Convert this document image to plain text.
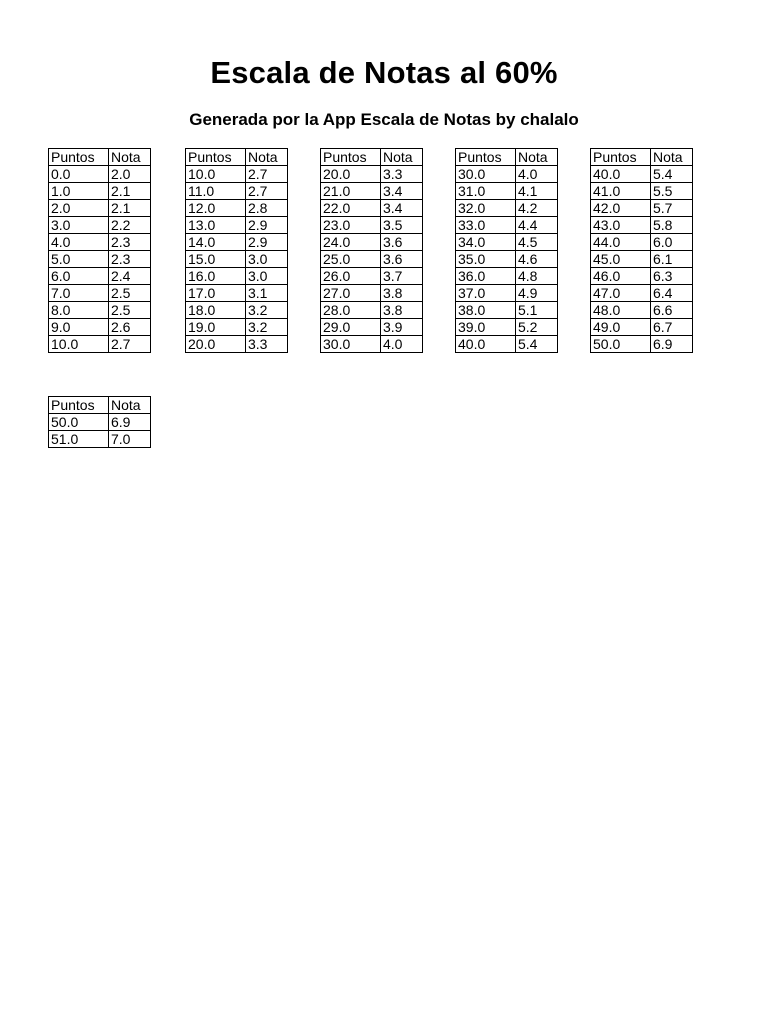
Escala de Notas al 60%
Generada por la App Escala de Notas by chalalo
Puntos	Nota
0.0	2.0
1.0	2.1
2.0	2.1
3.0	2.2
4.0	2.3
5.0	2.3
6.0	2.4
7.0	2.5
8.0	2.5
9.0	2.6
10.0	2.7
Puntos	Nota
10.0	2.7
11.0	2.7
12.0	2.8
13.0	2.9
14.0	2.9
15.0	3.0
16.0	3.0
17.0	3.1
18.0	3.2
19.0	3.2
20.0	3.3
Puntos	Nota
20.0	3.3
21.0	3.4
22.0	3.4
23.0	3.5
24.0	3.6
25.0	3.6
26.0	3.7
27.0	3.8
28.0	3.8
29.0	3.9
30.0	4.0
Puntos	Nota
30.0	4.0
31.0	4.1
32.0	4.2
33.0	4.4
34.0	4.5
35.0	4.6
36.0	4.8
37.0	4.9
38.0	5.1
39.0	5.2
40.0	5.4
Puntos	Nota
40.0	5.4
41.0	5.5
42.0	5.7
43.0	5.8
44.0	6.0
45.0	6.1
46.0	6.3
47.0	6.4
48.0	6.6
49.0	6.7
50.0	6.9
Puntos	Nota
50.0	6.9
51.0	7.0
